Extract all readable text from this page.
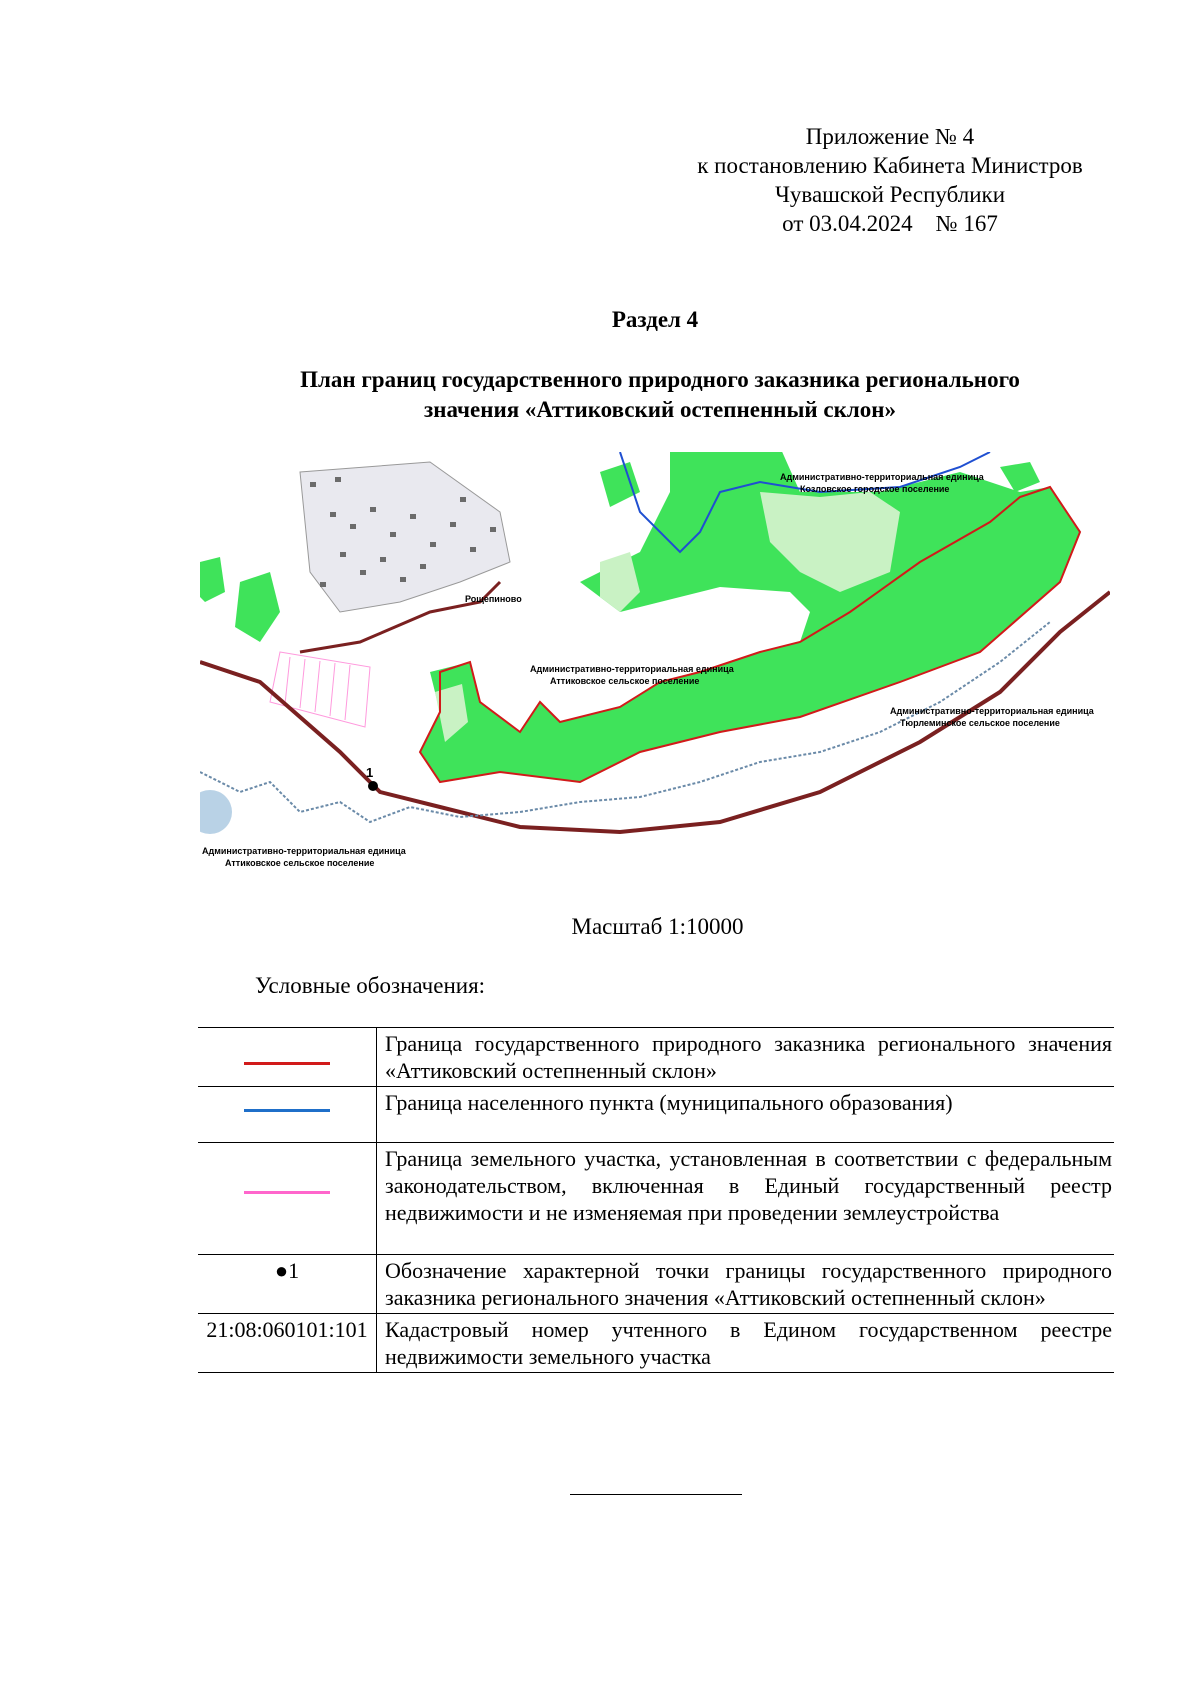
Приложение № 4
к постановлению Кабинета Министров
Чувашской Республики
от 03.04.2024    № 167
Раздел 4
План границ государственного природного заказника регионального
значения «Аттиковский остепненный склон»
1
Административно-территориальная единица
Козловское городское поселение
Административно-территориальная единица
Аттиковское сельское поселение
Административно-территориальная единица
Тюрлеминское сельское поселение
Административно-территориальная единица
Аттиковское сельское поселение
Рощепиново
Масштаб 1:10000
Условные обозначения:
	Граница государственного природного заказника регионального значения «Аттиковский остепненный склон»
	Граница населенного пункта (муниципального образования)
	Граница земельного участка, установленная в соответствии с федеральным законодательством, включенная в Единый государственный реестр недвижимости и не изменяемая при проведении землеустройства

●1	Обозначение характерной точки границы государственного природного заказника регионального значения «Аттиковский остепненный склон»

21:08:060101:101	Кадастровый номер учтенного в Едином государственном реестре недвижимости земельного участка
